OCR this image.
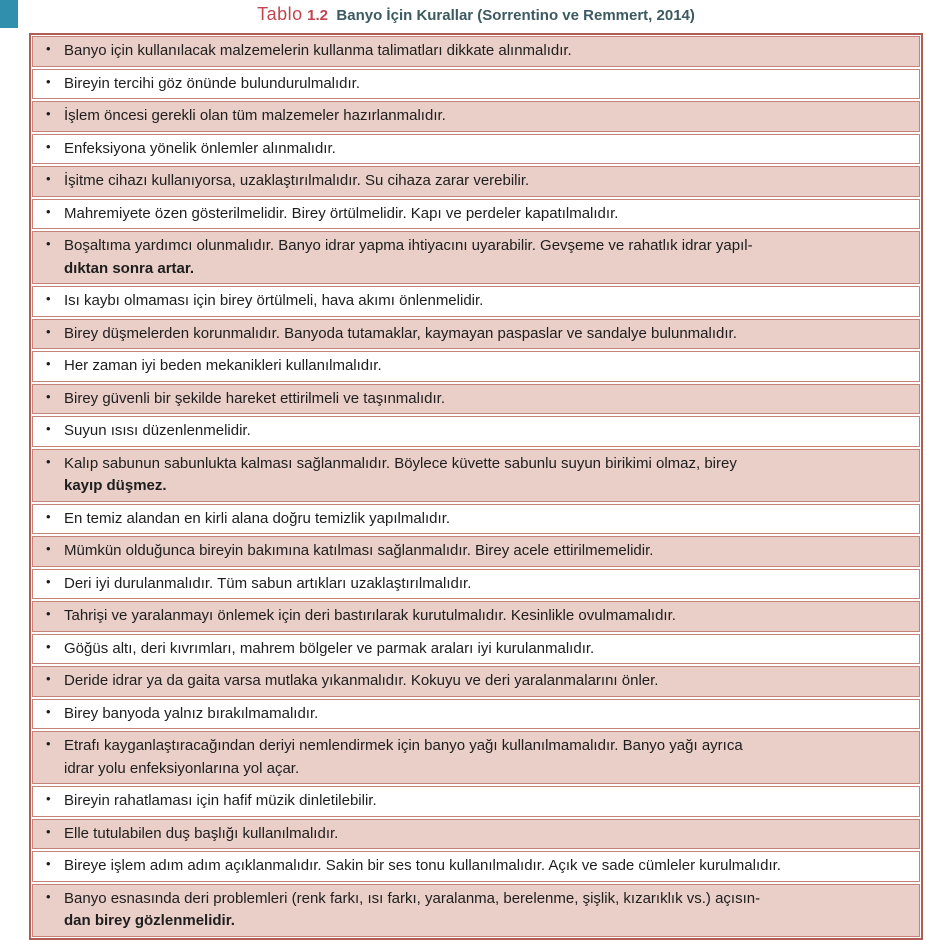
Tablo 1.2 Banyo İçin Kurallar (Sorrentino ve Remmert, 2014)
• Banyo için kullanılacak malzemelerin kullanma talimatları dikkate alınmalıdır.
• Bireyin tercihi göz önünde bulundurulmalıdır.
• İşlem öncesi gerekli olan tüm malzemeler hazırlanmalıdır.
• Enfeksiyona yönelik önlemler alınmalıdır.
• İşitme cihazı kullanıyorsa, uzaklaştırılmalıdır. Su cihaza zarar verebilir.
• Mahremiyete özen gösterilmelidir. Birey örtülmelidir. Kapı ve perdeler kapatılmalıdır.
• Boşaltıma yardımcı olunmalıdır. Banyo idrar yapma ihtiyacını uyarabilir. Gevşeme ve rahatlık idrar yapıl-
dıktan sonra artar.
• Isı kaybı olmaması için birey örtülmeli, hava akımı önlenmelidir.
• Birey düşmelerden korunmalıdır. Banyoda tutamaklar, kaymayan paspaslar ve sandalye bulunmalıdır.
• Her zaman iyi beden mekanikleri kullanılmalıdır.
• Birey güvenli bir şekilde hareket ettirilmeli ve taşınmalıdır.
• Suyun ısısı düzenlenmelidir.
• Kalıp sabunun sabunlukta kalması sağlanmalıdır. Böylece küvette sabunlu suyun birikimi olmaz, birey
kayıp düşmez.
• En temiz alandan en kirli alana doğru temizlik yapılmalıdır.
• Mümkün olduğunca bireyin bakımına katılması sağlanmalıdır. Birey acele ettirilmemelidir.
• Deri iyi durulanmalıdır. Tüm sabun artıkları uzaklaştırılmalıdır.
• Tahrişi ve yaralanmayı önlemek için deri bastırılarak kurutulmalıdır. Kesinlikle ovulmamalıdır.
• Göğüs altı, deri kıvrımları, mahrem bölgeler ve parmak araları iyi kurulanmalıdır.
• Deride idrar ya da gaita varsa mutlaka yıkanmalıdır. Kokuyu ve deri yaralanmalarını önler.
• Birey banyoda yalnız bırakılmamalıdır.
• Etrafı kayganlaştıracağından deriyi nemlendirmek için banyo yağı kullanılmamalıdır. Banyo yağı ayrıca
idrar yolu enfeksiyonlarına yol açar.
• Bireyin rahatlaması için hafif müzik dinletilebilir.
• Elle tutulabilen duş başlığı kullanılmalıdır.
• Bireye işlem adım adım açıklanmalıdır. Sakin bir ses tonu kullanılmalıdır. Açık ve sade cümleler kurulmalıdır.
• Banyo esnasında deri problemleri (renk farkı, ısı farkı, yaralanma, berelenme, şişlik, kızarıklık vs.) açısın-
dan birey gözlenmelidir.
